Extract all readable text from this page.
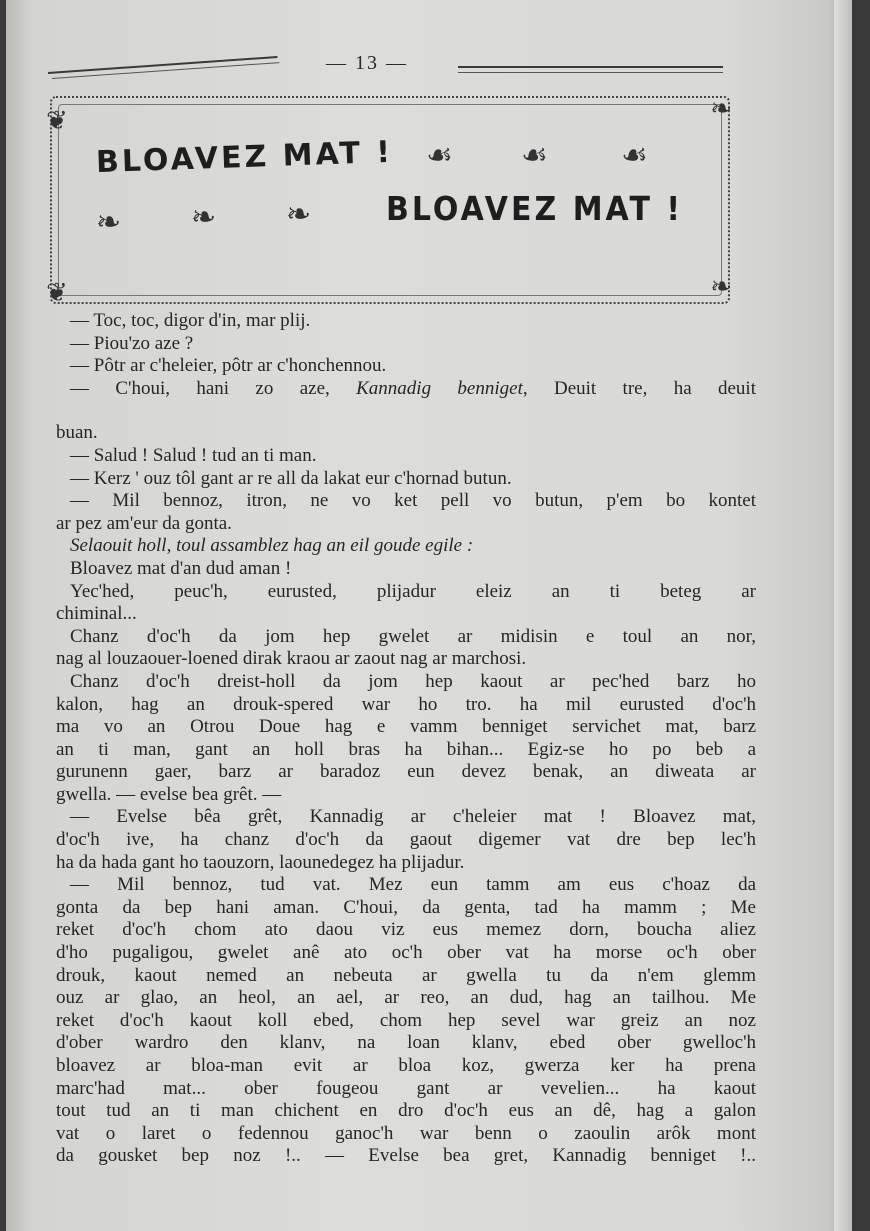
— 13 —
❦	❧
❦	❧
BLOAVEZ MAT !
BLOAVEZ MAT !
☙ ☙ ☙
❧ ❧ ❧
— Toc, toc, digor d'in, mar plij.
— Piou'zo aze ?
— Pôtr ar c'heleier, pôtr ar c'honchennou.
— C'houi, hani zo aze, Kannadig benniget, Deuit tre, ha deuit
buan.
— Salud ! Salud ! tud an ti man.
— Kerz ' ouz tôl gant ar re all da lakat eur c'hornad butun.
— Mil bennoz, itron, ne vo ket pell vo butun, p'em bo kontet
ar pez am'eur da gonta.
Selaouit holl, toul assamblez hag an eil goude egile :
Bloavez mat d'an dud aman !
Yec'hed, peuc'h, eurusted, plijadur eleiz an ti beteg ar
chiminal...
Chanz d'oc'h da jom hep gwelet ar midisin e toul an nor,
nag al louzaouer-loened dirak kraou ar zaout nag ar marchosi.
Chanz d'oc'h dreist-holl da jom hep kaout ar pec'hed barz ho
kalon, hag an drouk-spered war ho tro. ha mil eurusted d'oc'h
ma vo an Otrou Doue hag e vamm benniget servichet mat, barz
an ti man, gant an holl bras ha bihan... Egiz-se ho po beb a
gurunenn gaer, barz ar baradoz eun devez benak, an diweata ar
gwella. — evelse bea grêt. —
— Evelse bêa grêt, Kannadig ar c'heleier mat ! Bloavez mat,
d'oc'h ive, ha chanz d'oc'h da gaout digemer vat dre bep lec'h
ha da hada gant ho taouzorn, laounedegez ha plijadur.
— Mil bennoz, tud vat. Mez eun tamm am eus c'hoaz da
gonta da bep hani aman. C'houi, da genta, tad ha mamm ; Me
reket d'oc'h chom ato daou viz eus memez dorn, boucha aliez
d'ho pugaligou, gwelet anê ato oc'h ober vat ha morse oc'h ober
drouk, kaout nemed an nebeuta ar gwella tu da n'em glemm
ouz ar glao, an heol, an ael, ar reo, an dud, hag an tailhou. Me
reket d'oc'h kaout koll ebed, chom hep sevel war greiz an noz
d'ober wardro den klanv, na loan klanv, ebed ober gwelloc'h
bloavez ar bloa-man evit ar bloa koz, gwerza ker ha prena
marc'had mat... ober fougeou gant ar vevelien... ha kaout
tout tud an ti man chichent en dro d'oc'h eus an dê, hag a galon
vat o laret o fedennou ganoc'h war benn o zaoulin arôk mont
da gousket bep noz !.. — Evelse bea gret, Kannadig benniget !..
